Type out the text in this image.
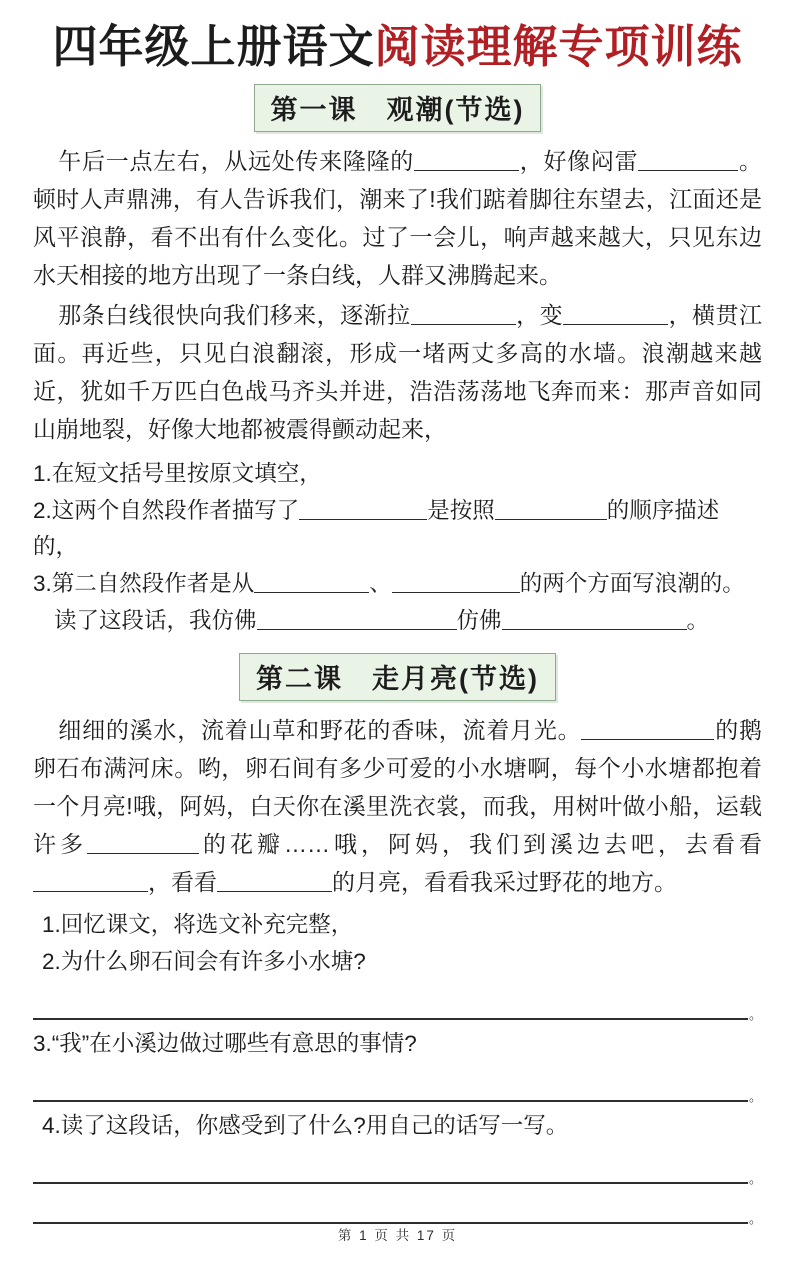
四年级上册语文阅读理解专项训练
第一课　观潮(节选)

午后一点左右，从远处传来隆隆的	，好像闷雷	。顿时人声鼎沸，有人告诉我们，潮来了!我们踮着脚往东望去，江面还是风平浪静，看不出有什么变化。过了一会儿，响声越来越大，只见东边水天相接的地方出现了一条白线，人群又沸腾起来。

那条白线很快向我们移来，逐渐拉	，变	，横贯江面。再近些，只见白浪翻滚，形成一堵两丈多高的水墙。浪潮越来越近，犹如千万匹白色战马齐头并进，浩浩荡荡地飞奔而来：那声音如同山崩地裂，好像大地都被震得颤动起来，

1.在短文括号里按原文填空，
2.这两个自然段作者描写了	是按照	的顺序描述的，
3.第二自然段作者是从	、	的两个方面写浪潮的。
读了这段话，我仿佛	仿佛	。
第二课　走月亮(节选)

细细的溪水，流着山草和野花的香味，流着月光。	的鹅卵石布满河床。哟，卵石间有多少可爱的小水塘啊，每个小水塘都抱着一个月亮!哦，阿妈，白天你在溪里洗衣裳，而我，用树叶做小船，运载许多	的花瓣……哦，阿妈，我们到溪边去吧，去看看，看看	的月亮，看看我采过野花的地方。

1.回忆课文，将选文补充完整，
2.为什么卵石间会有许多小水塘?
。
3.“我”在小溪边做过哪些有意思的事情?
。
4.读了这段话，你感受到了什么?用自己的话写一写。
。
。
第 1 页 共 17 页
